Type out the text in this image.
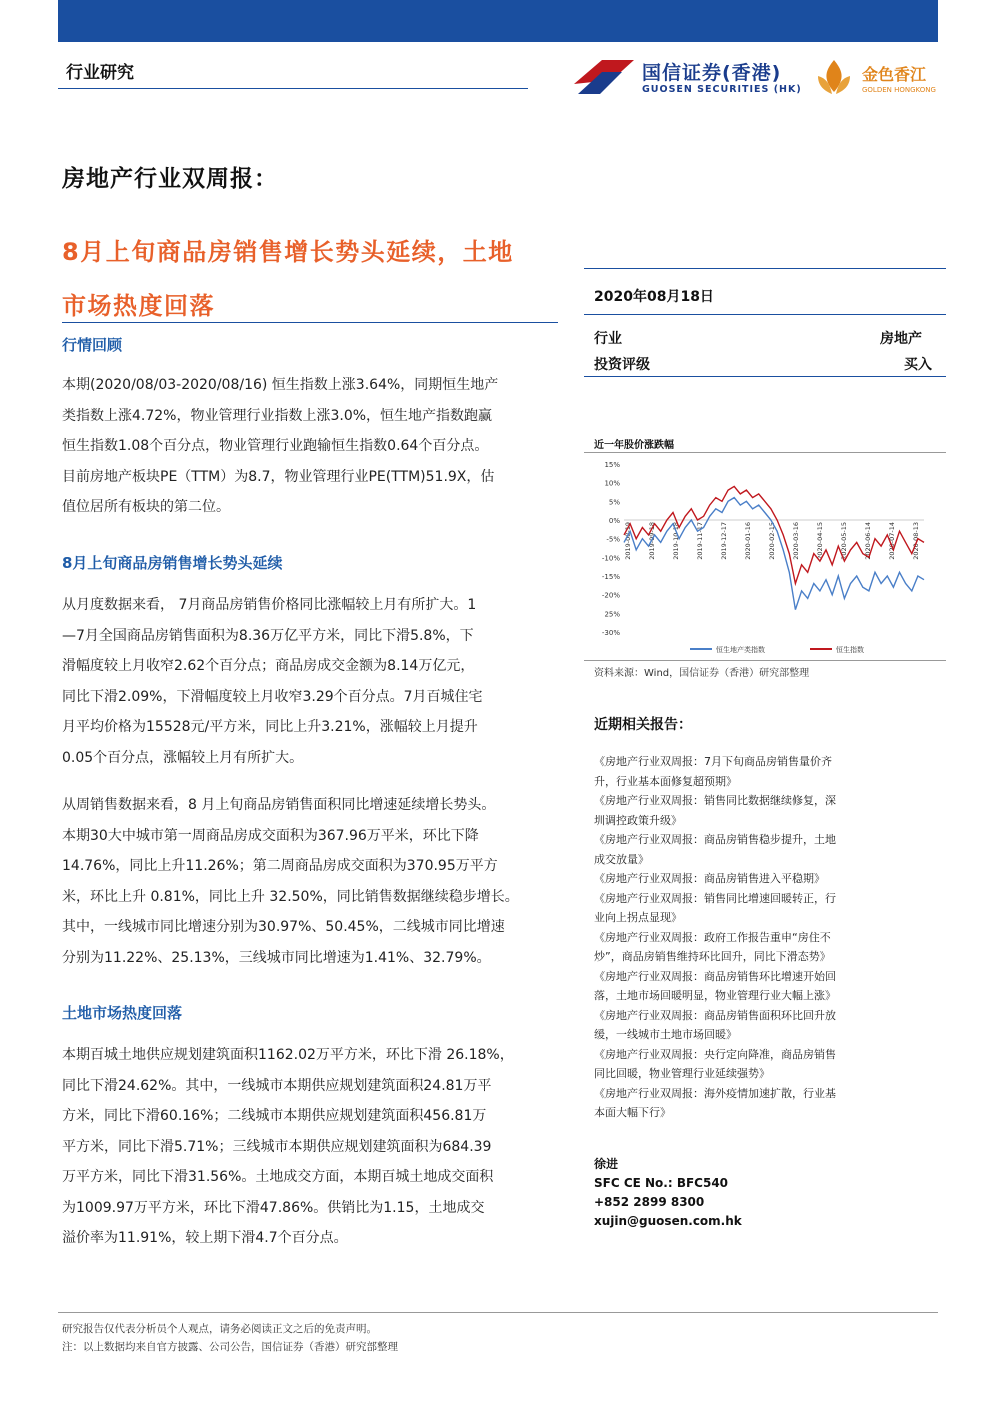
行业研究	国信证券(香港)
GUOSEN SECURITIES (HK)
金色香江
GOLDEN HONGKONG
房地产行业双周报：
8月上旬商品房销售增长势头延续，土地
市场热度回落
行情回顾
本期(2020/08/03-2020/08/16) 恒生指数上涨3.64%，同期恒生地产
类指数上涨4.72%，物业管理行业指数上涨3.0%，恒生地产指数跑赢
恒生指数1.08个百分点，物业管理行业跑输恒生指数0.64个百分点。
目前房地产板块PE（TTM）为8.7，物业管理行业PE(TTM)51.9X，估
值位居所有板块的第二位。
8月上旬商品房销售增长势头延续
从月度数据来看， 7月商品房销售价格同比涨幅较上月有所扩大。1
—7月全国商品房销售面积为8.36万亿平方米，同比下滑5.8%，下
滑幅度较上月收窄2.62个百分点；商品房成交金额为8.14万亿元，
同比下滑2.09%，下滑幅度较上月收窄3.29个百分点。7月百城住宅
月平均价格为15528元/平方米，同比上升3.21%，涨幅较上月提升
0.05个百分点，涨幅较上月有所扩大。
从周销售数据来看，8 月上旬商品房销售面积同比增速延续增长势头。
本期30大中城市第一周商品房成交面积为367.96万平米，环比下降
14.76%，同比上升11.26%；第二周商品房成交面积为370.95万平方
米，环比上升 0.81%，同比上升 32.50%，同比销售数据继续稳步增长。
其中，一线城市同比增速分别为30.97%、50.45%，二线城市同比增速
分别为11.22%、25.13%，三线城市同比增速为1.41%、32.79%。
土地市场热度回落
本期百城土地供应规划建筑面积1162.02万平方米，环比下滑 26.18%，
同比下滑24.62%。其中，一线城市本期供应规划建筑面积24.81万平
方米，同比下滑60.16%；二线城市本期供应规划建筑面积456.81万
平方米，同比下滑5.71%；三线城市本期供应规划建筑面积为684.39
万平方米，同比下滑31.56%。土地成交方面，本期百城土地成交面积
为1009.97万平方米，环比下滑47.86%。供销比为1.15，土地成交
溢价率为11.91%，较上期下滑4.7个百分点。
2020年08月18日
行业	房地产
投资评级	买入
近一年股价涨跌幅
15%
10%
5%
0%
-5%
-10%
-15%
-20%
25%
-30%
2019-08-19 2019-09-18 2019-10-18 2019-11-17 2019-12-17 2020-01-16 2020-02-15 2020-03-16 2020-04-15 2020-05-15 2020-06-14 2020-07-14 2020-08-13
恒生地产类指数	恒生指数
资料来源：Wind，国信证券（香港）研究部整理
近期相关报告：
《房地产行业双周报：7月下旬商品房销售量价齐
升，行业基本面修复超预期》
《房地产行业双周报：销售同比数据继续修复，深
圳调控政策升级》
《房地产行业双周报：商品房销售稳步提升，土地
成交放量》
《房地产行业双周报：商品房销售进入平稳期》
《房地产行业双周报：销售同比增速回暖转正，行
业向上拐点显现》
《房地产行业双周报：政府工作报告重申“房住不
炒”，商品房销售维持环比回升，同比下滑态势》
《房地产行业双周报：商品房销售环比增速开始回
落，土地市场回暖明显，物业管理行业大幅上涨》
《房地产行业双周报：商品房销售面积环比回升放
缓，一线城市土地市场回暖》
《房地产行业双周报：央行定向降准，商品房销售
同比回暖，物业管理行业延续强势》
《房地产行业双周报：海外疫情加速扩散，行业基
本面大幅下行》
徐进
SFC CE No.: BFC540
+852 2899 8300
xujin@guosen.com.hk
研究报告仅代表分析员个人观点，请务必阅读正文之后的免责声明。
注：以上数据均来自官方披露、公司公告，国信证券（香港）研究部整理
